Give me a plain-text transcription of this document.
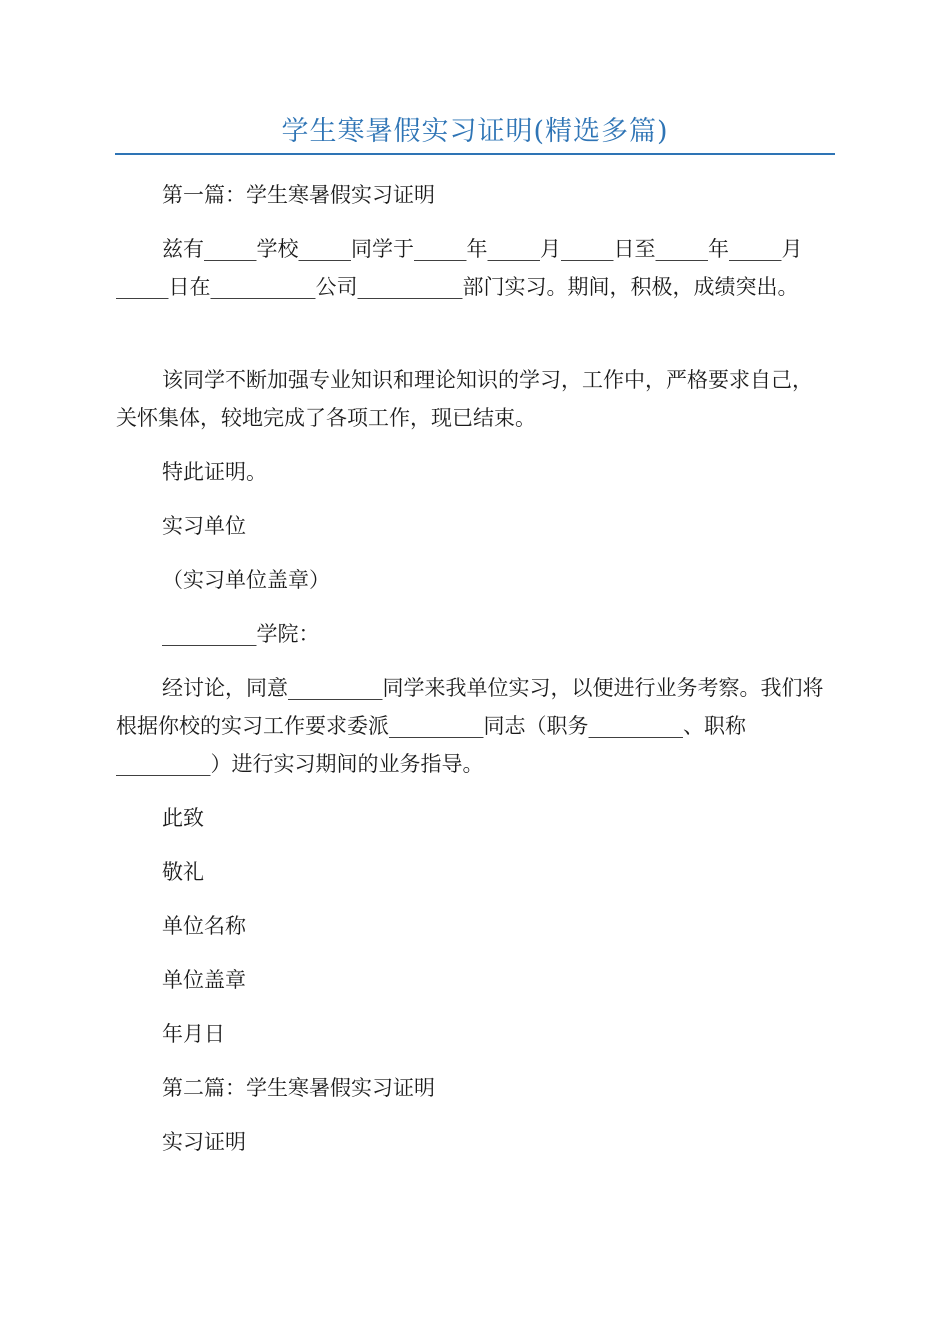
学生寒暑假实习证明(精选多篇)

第一篇：学生寒暑假实习证明

兹有_____学校_____同学于_____年_____月_____日至_____年_____月_____日在__________公司__________部门实习。期间，积极，成绩突出。

该同学不断加强专业知识和理论知识的学习，工作中，严格要求自己，关怀集体，较地完成了各项工作，现已结束。

特此证明。

实习单位

（实习单位盖章）

_________学院：

经讨论，同意_________同学来我单位实习，以便进行业务考察。我们将根据你校的实习工作要求委派_________同志（职务_________、职称_________）进行实习期间的业务指导。

此致

敬礼

单位名称

单位盖章

年月日

第二篇：学生寒暑假实习证明

实习证明
